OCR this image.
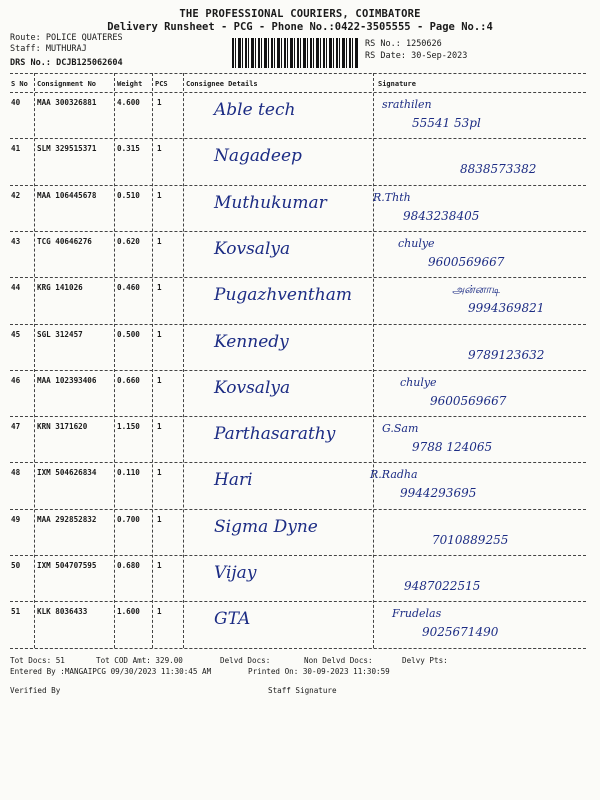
THE PROFESSIONAL COURIERS, COIMBATORE
Delivery Runsheet - PCG - Phone No.:0422-3505555 - Page No.:4
Route: POLICE QUATERES
Staff: MUTHURAJ
DRS No.: DCJB125062604
RS No.: 1250626
RS Date: 30-Sep-2023
S No Consignment No	Weight PCS	Consignee Details	Signature
40 MAA 300326881	4.600 1	Able tech	srathilen
55541 53pl
41 SLM 329515371	0.315 1	Nagadeep
8838573382
42 MAA 106445678	0.510 1	Muthukumar	R.Thth
9843238405
43 TCG 40646276	0.620 1	Kovsalya	chulye
9600569667
44 KRG 141026	0.460 1	Pugazhventham	அன்னாடி
9994369821
45 SGL 312457	0.500 1	Kennedy
9789123632
46 MAA 102393406	0.660 1	Kovsalya	chulye
9600569667
47 KRN 3171620	1.150 1	Parthasarathy	G.Sam
9788 124065
48 IXM 504626834	0.110 1	Hari	R.Radha
9944293695
49 MAA 292852832	0.700 1	Sigma Dyne
7010889255
50 IXM 504707595	0.680 1	Vijay
9487022515
51 KLK 8036433	1.600 1	GTA	Frudelas
9025671490
Tot Docs: 51	Tot COD Amt: 329.00	Delvd Docs:	Non Delvd Docs:	Delvy Pts:
Entered By :MANGAIPCG 09/30/2023 11:30:45 AM	Printed On: 30-09-2023 11:30:59
Verified By	Staff Signature
